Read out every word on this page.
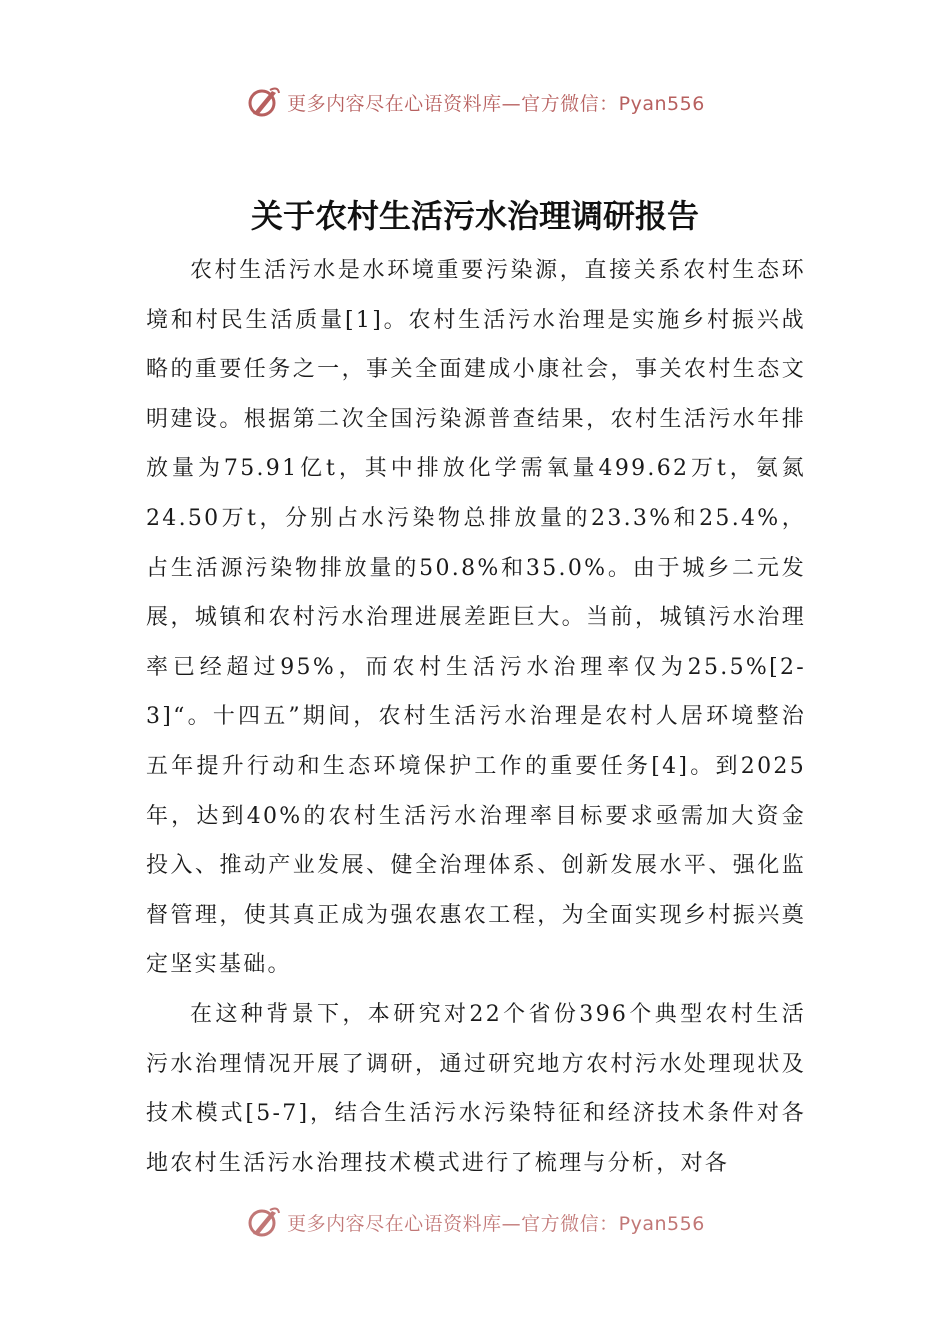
更多内容尽在心语资料库—官方微信：Pyan556
关于农村生活污水治理调研报告

农村生活污水是水环境重要污染源，直接关系农村生态环境和村民生活质量[1]。农村生活污水治理是实施乡村振兴战略的重要任务之一，事关全面建成小康社会，事关农村生态文明建设。根据第二次全国污染源普查结果，农村生活污水年排放量为75.91亿t，其中排放化学需氧量499.62万t，氨氮24.50万t，分别占水污染物总排放量的23.3%和25.4%，占生活源污染物排放量的50.8%和35.0%。由于城乡二元发展，城镇和农村污水治理进展差距巨大。当前，城镇污水治理率已经超过95%，而农村生活污水治理率仅为25.5%[2-3]“。十四五”期间，农村生活污水治理是农村人居环境整治五年提升行动和生态环境保护工作的重要任务[4]。到2025年，达到40%的农村生活污水治理率目标要求亟需加大资金投入、推动产业发展、健全治理体系、创新发展水平、强化监督管理，使其真正成为强农惠农工程，为全面实现乡村振兴奠定坚实基础。

在这种背景下，本研究对22个省份396个典型农村生活污水治理情况开展了调研，通过研究地方农村污水处理现状及技术模式[5-7]，结合生活污水污染特征和经济技术条件对各地农村生活污水治理技术模式进行了梳理与分析，对各

更多内容尽在心语资料库—官方微信：Pyan556
